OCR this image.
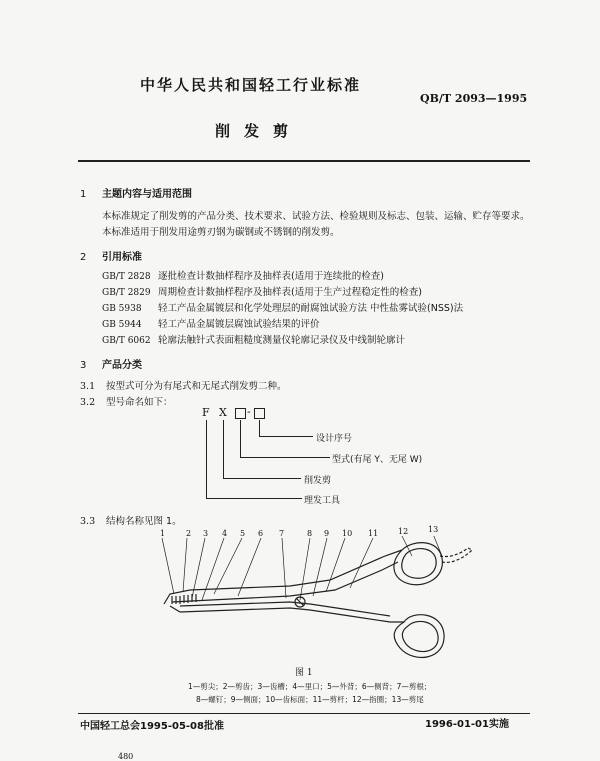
中华人民共和国轻工行业标准
QB/T 2093—1995
削发剪
1 主题内容与适用范围
本标准规定了削发剪的产品分类、技术要求、试验方法、检验规则及标志、包装、运输、贮存等要求。
本标准适用于削发用途剪刃钢为碳钢或不锈钢的削发剪。
2 引用标准
GB/T 2828 逐批检查计数抽样程序及抽样表(适用于连续批的检查)
GB/T 2829 周期检查计数抽样程序及抽样表(适用于生产过程稳定性的检查)
GB 5938 轻工产品金属镀层和化学处理层的耐腐蚀试验方法 中性盐雾试验(NSS)法
GB 5944 轻工产品金属镀层腐蚀试验结果的评价
GB/T 6062 轮廓法触针式表面粗糙度测量仪轮廓记录仪及中线制轮廓计
3 产品分类
3.1 按型式可分为有尾式和无尾式削发剪二种。
3.2 型号命名如下：
F X -
设计序号
型式(有尾 Y、无尾 W)
削发剪
理发工具
3.3 结构名称见图 1。
1	2 3 4 5 6 7	8 9 10 11 12 13
图 1
1—剪尖；2—剪齿；3—齿槽；4—里口；5—外背；6—侧背；7—剪根；
8—螺钉；9—侧面；10—齿标面；11—剪杆；12—指圈；13—剪尾
中国轻工总会1995-05-08批准	1996-01-01实施
480
